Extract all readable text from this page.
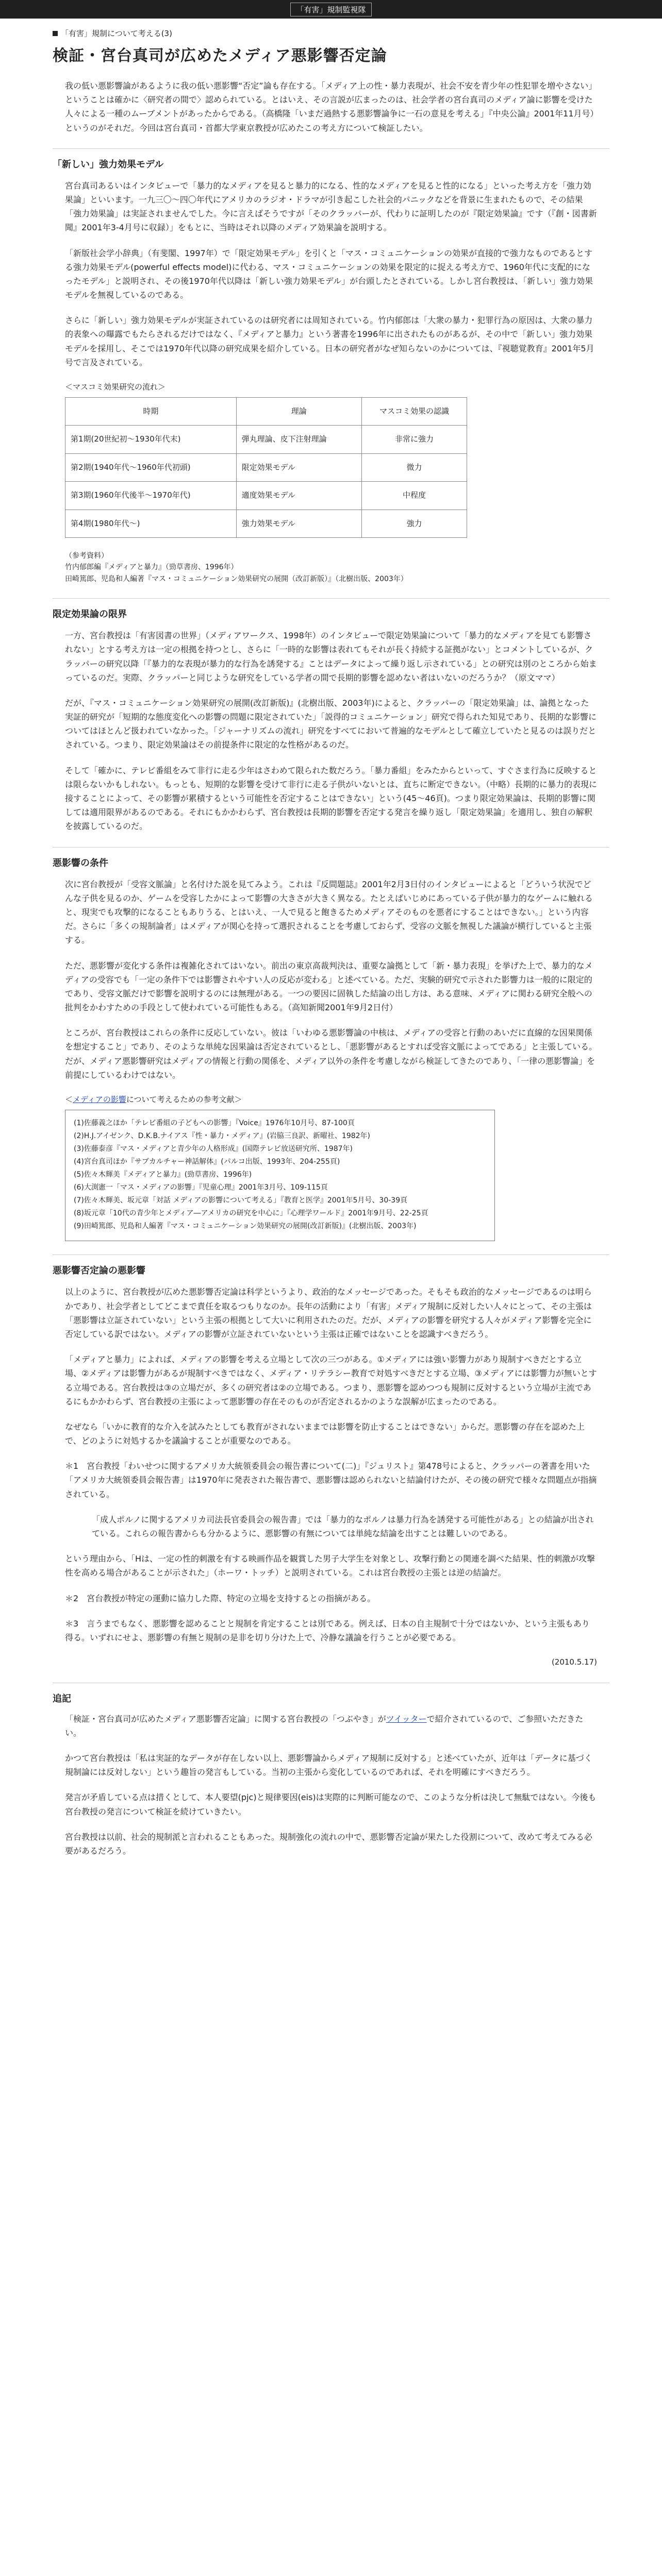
「有害」規制監視隊
「有害」規制について考える(3)
検証・宮台真司が広めたメディア悪影響否定論

我の低い悪影響論があるように我の低い悪影響“否定”論も存在する。「メディア上の性・暴力表現が、社会不安を青少年の性犯罪を増やさない」ということは確かに〈研究者の間で〉認められている。とはいえ、その言説が広まったのは、社会学者の宮台真司のメディア論に影響を受けた人々による一種のムーブメントがあったからである。（高橋隆「いまだ過熱する悪影響論争に一石の意見を考える」『中央公論』2001年11月号）というのがそれだ。今回は宮台真司・首都大学東京教授が広めたこの考え方について検証したい。

「新しい」強力効果モデル

宮台真司あるいはインタビューで「暴力的なメディアを見ると暴力的になる、性的なメディアを見ると性的になる」といった考え方を「強力効果論」といいます。一九三〇〜四〇年代にアメリカのラジオ・ドラマが引き起こした社会的パニックなどを背景に生まれたもので、その結果「強力効果論」は実証されませんでした。今に言えばそうですが「そのクラッパーが、代わりに証明したのが『限定効果論』です（『創・図書新聞』2001年3-4月号に収録）」をもとに、当時はそれ以降のメディア効果論を説明する。

「新版社会学小辞典」（有斐閣、1997年）で「限定効果モデル」を引くと「マス・コミュニケーションの効果が直接的で強力なものであるとする強力効果モデル(powerful effects model)に代わる、マス・コミュニケーションの効果を限定的に捉える考え方で、1960年代に支配的になったモデル」と説明され、その後1970年代以降は「新しい強力効果モデル」が台頭したとされている。しかし宮台教授は、「新しい」強力効果モデルを無視しているのである。

さらに「新しい」強力効果モデルが実証されているのは研究者には周知されている。竹内郁郎は「大衆の暴力・犯罪行為の原因は、大衆の暴力的表象への曝露でもたらされるだけではなく、『メディアと暴力』という著書を1996年に出されたものがあるが、その中で「新しい」強力効果モデルを採用し、そこでは1970年代以降の研究成果を紹介している。日本の研究者がなぜ知らないのかについては、『視聴覚教育』2001年5月号で言及されている。

＜マスコミ効果研究の流れ＞
時期	理論	マスコミ効果の認識
第1期(20世紀初〜1930年代末)	弾丸理論、皮下注射理論	非常に強力
第2期(1940年代〜1960年代初頭)	限定効果モデル	微力
第3期(1960年代後半〜1970年代)	適度効果モデル	中程度
第4期(1980年代〜)	強力効果モデル	強力
（参考資料）
竹内郁郎編『メディアと暴力』（勁草書房、1996年）
田崎篤郎、児島和人編著『マス・コミュニケーション効果研究の展開（改訂新版）』（北樹出版、2003年）
限定効果論の限界

一方、宮台教授は「有害図書の世界」（メディアワークス、1998年）のインタビューで限定効果論について「暴力的なメディアを見ても影響されない」とする考え方は一定の根拠を持つとし、さらに「一時的な影響は表れてもそれが長く持続する証拠がない」とコメントしているが、クラッパーの研究以降「『暴力的な表現が暴力的な行為を誘発する』ことはデータによって繰り返し示されている」との研究は別のところから始まっているのだ。実際、クラッパーと同じような研究をしている学者の間で長期的影響を認めない者はいないのだろうか？（原文ママ）

だが、『マス・コミュニケーション効果研究の展開(改訂新版)』(北樹出版、2003年)によると、クラッパーの「限定効果論」は、論拠となった実証的研究が「短期的な態度変化への影響の問題に限定されていた」「説得的コミュニケーション」研究で得られた知見であり、長期的な影響についてはほとんど扱われていなかった。「ジャーナリズムの流れ」研究をすべてにおいて普遍的なモデルとして確立していたと見るのは誤りだとされている。つまり、限定効果論はその前提条件に限定的な性格があるのだ。

そして「確かに、テレビ番組をみて非行に走る少年はさわめて限られた数だろう。「暴力番組」をみたからといって、すぐさま行為に反映するとは限らないかもしれない。もっとも、短期的な影響を受けて非行に走る子供がいないとは、直ちに断定できない。（中略）長期的に暴力的表現に接することによって、その影響が累積するという可能性を否定することはできない」という(45〜46頁)。つまり限定効果論は、長期的影響に関しては適用限界があるのである。それにもかかわらず、宮台教授は長期的影響を否定する発言を繰り返し「限定効果論」を適用し、独自の解釈を披露しているのだ。

悪影響の条件

次に宮台教授が「受容文脈論」と名付けた説を見てみよう。これは『反間題誌』2001年2月3日付のインタビューによると「どういう状況でどんな子供を見るのか、ゲームを受容したかによって影響の大きさが大きく異なる。たとえばいじめにあっている子供が暴力的なゲームに触れると、現実でも攻撃的になることもありうる、とはいえ、一人で見ると飽きるためメディアそのものを悪者にすることはできない。」という内容だ。さらに「多くの規制論者」はメディアが関心を持って選択されることを考慮しておらず、受容の文脈を無視した議論が横行していると主張する。

ただ、悪影響が変化する条件は複雑化されてはいない。前出の東京高裁判決は、重要な論拠として「新・暴力表現」を挙げた上で、暴力的なメディアの受容でも「一定の条件下では影響されやすい人の反応が変わる」と述べている。ただ、実験的研究で示された影響力は一般的に限定的であり、受容文脈だけで影響を説明するのには無理がある。一つの要因に固執した結論の出し方は、ある意味、メディアに関わる研究全般への批判をかわすための手段として使われている可能性もある。（高知新聞2001年9月2日付）

ところが、宮台教授はこれらの条件に反応していない。彼は「いわゆる悪影響論の中核は、メディアの受容と行動のあいだに直線的な因果関係を想定すること」であり、そのような単純な因果論は否定されているとし、「悪影響があるとすれば受容文脈によってである」と主張している。だが、メディア悪影響研究はメディアの情報と行動の関係を、メディア以外の条件を考慮しながら検証してきたのであり、「一律の悪影響論」を前提にしているわけではない。

＜メディアの影響について考えるための参考文献＞
(1)佐藤義之ほか「テレビ番組の子どもへの影響」『Voice』1976年10月号、87-100頁
(2)H.J.アイゼンク、D.K.B.ナイアス『性・暴力・メディア』(岩脇三良訳、新曜社、1982年)
(3)佐藤泰彦『マス・メディアと青少年の人格形成』(国際テレビ放送研究所、1987年)
(4)宮台真司ほか『サブカルチャー神話解体』(パルコ出版、1993年、204-255頁)
(5)佐々木輝美『メディアと暴力』(勁草書房、1996年)
(6)大渕憲一「マス・メディアの影響」『児童心理』2001年3月号、109-115頁
(7)佐々木輝美、坂元章「対話 メディアの影響について考える」『教育と医学』2001年5月号、30-39頁
(8)坂元章「10代の青少年とメディア―アメリカの研究を中心に」『心理学ワールド』2001年9月号、22-25頁
(9)田崎篤郎、児島和人編著『マス・コミュニケーション効果研究の展開(改訂新版)』(北樹出版、2003年)
悪影響否定論の悪影響

以上のように、宮台教授が広めた悪影響否定論は科学というより、政治的なメッセージであった。そもそも政治的なメッセージであるのは明らかであり、社会学者としてどこまで責任を取るつもりなのか。長年の活動により「有害」メディア規制に反対したい人々にとって、その主張は「悪影響は立証されていない」という主張の根拠として大いに利用されたのだ。だが、メディアの影響を研究する人々がメディア影響を完全に否定している訳ではない。メディアの影響が立証されていないという主張は正確ではないことを認識すべきだろう。

「メディアと暴力」によれば、メディアの影響を考える立場として次の三つがある。①メディアには強い影響力があり規制すべきだとする立場、②メディアは影響力があるが規制すべきではなく、メディア・リテラシー教育で対処すべきだとする立場、③メディアには影響力が無いとする立場である。宮台教授は③の立場だが、多くの研究者は②の立場である。つまり、悪影響を認めつつも規制に反対するという立場が主流であるにもかかわらず、宮台教授の主張によって悪影響の存在そのものが否定されるかのような誤解が広まったのである。

なぜなら「いかに教育的な介入を試みたとしても教育がされないままでは影響を防止することはできない」からだ。悪影響の存在を認めた上で、どのように対処するかを議論することが重要なのである。

＊1　宮台教授「わいせつに関するアメリカ大統領委員会の報告書について(二)」『ジュリスト』第478号によると、クラッパーの著書を用いた「アメリカ大統領委員会報告書」は1970年に発表された報告書で、悪影響は認められないと結論付けたが、その後の研究で様々な問題点が指摘されている。

「成人ポルノに関するアメリカ司法長官委員会の報告書」では「暴力的なポルノは暴力行為を誘発する可能性がある」との結論が出されている。これらの報告書からも分かるように、悪影響の有無については単純な結論を出すことは難しいのである。

という理由から、「Hは、一定の性的刺激を有する映画作品を観賞した男子大学生を対象とし、攻撃行動との関連を調べた結果、性的刺激が攻撃性を高める場合があることが示された」（ホーワ・トッチ）と説明されている。これは宮台教授の主張とは逆の結論だ。

＊2　宮台教授が特定の運動に協力した際、特定の立場を支持するとの指摘がある。

＊3　言うまでもなく、悪影響を認めることと規制を肯定することは別である。例えば、日本の自主規制で十分ではないか、という主張もあり得る。いずれにせよ、悪影響の有無と規制の是非を切り分けた上で、冷静な議論を行うことが必要である。

(2010.5.17)
追記

「検証・宮台真司が広めたメディア悪影響否定論」に関する宮台教授の「つぶやき」がツイッターで紹介されているので、ご参照いただきたい。

かつて宮台教授は「私は実証的なデータが存在しない以上、悪影響論からメディア規制に反対する」と述べていたが、近年は「データに基づく規制論には反対しない」という趣旨の発言もしている。当初の主張から変化しているのであれば、それを明確にすべきだろう。

発言が矛盾している点は措くとして、本人要望(pjc)と規律要因(eis)は実際的に判断可能なので、このような分析は決して無駄ではない。今後も宮台教授の発言について検証を続けていきたい。

宮台教授は以前、社会的規制派と言われることもあった。規制強化の流れの中で、悪影響否定論が果たした役割について、改めて考えてみる必要があるだろう。
